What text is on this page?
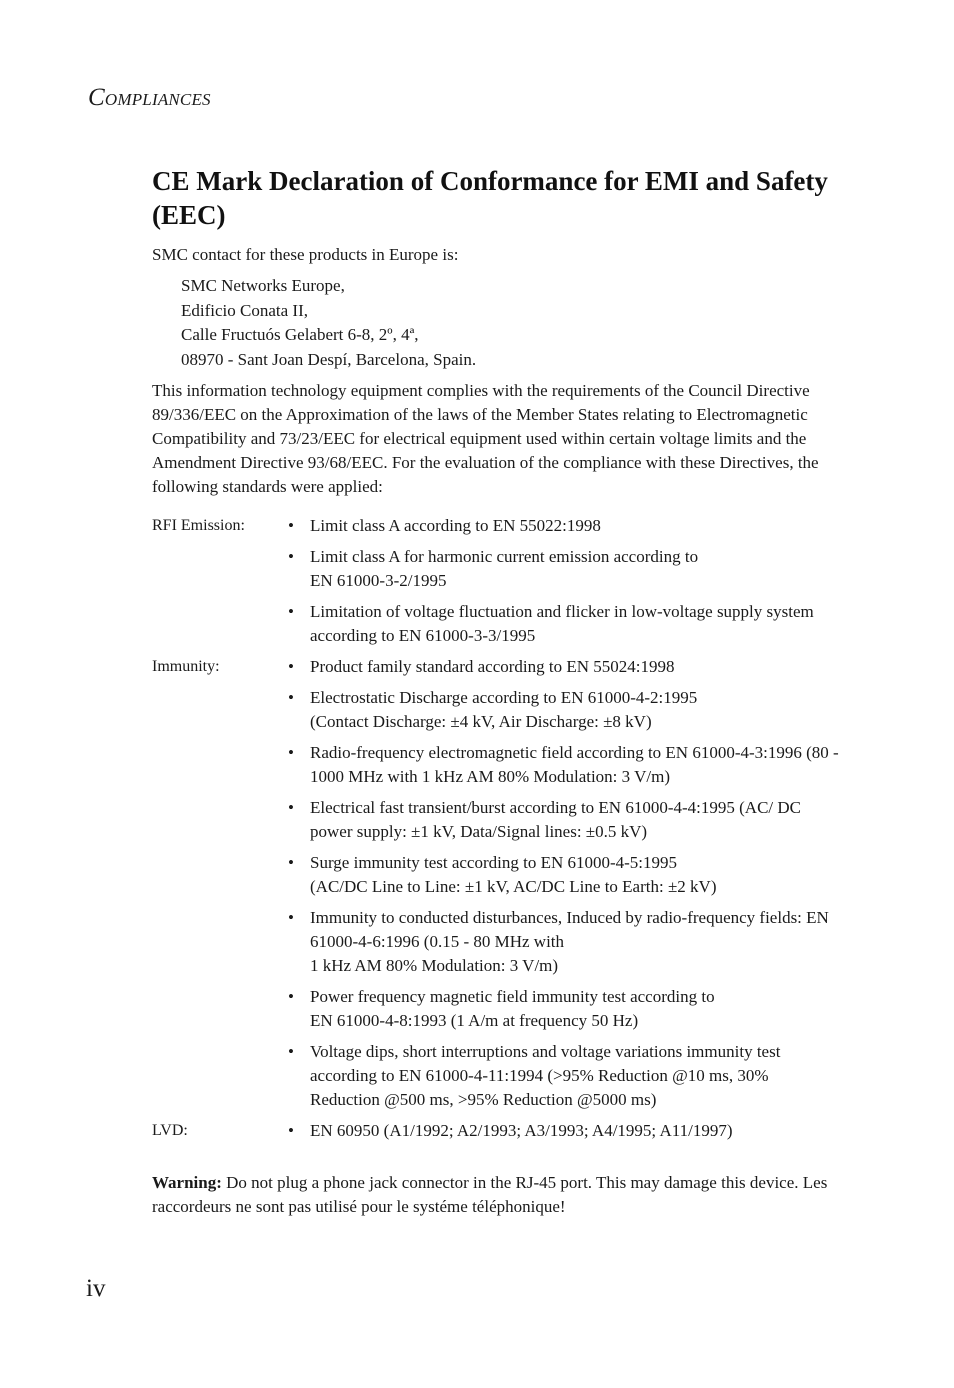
COMPLIANCES
CE Mark Declaration of Conformance for EMI and Safety (EEC)

SMC contact for these products in Europe is:

SMC Networks Europe,
Edificio Conata II,
Calle Fructuós Gelabert 6-8, 2º, 4ª,
08970 - Sant Joan Despí, Barcelona, Spain.

This information technology equipment complies with the requirements of the Council Directive 89/336/EEC on the Approximation of the laws of the Member States relating to Electromagnetic Compatibility and 73/23/EEC for electrical equipment used within certain voltage limits and the Amendment Directive 93/68/EEC. For the evaluation of the compliance with these Directives, the following standards were applied:

RFI Emission:	• Limit class A according to EN 55022:1998
• Limit class A for harmonic current emission according to
EN 61000-3-2/1995
• Limitation of voltage fluctuation and flicker in low-voltage supply system according to EN 61000-3-3/1995
Immunity:	• Product family standard according to EN 55024:1998
• Electrostatic Discharge according to EN 61000-4-2:1995
(Contact Discharge: ±4 kV, Air Discharge: ±8 kV)
• Radio-frequency electromagnetic field according to EN 61000-4-3:1996 (80 - 1000 MHz with 1 kHz AM 80% Modulation: 3 V/m)
• Electrical fast transient/burst according to EN 61000-4-4:1995 (AC/ DC power supply: ±1 kV, Data/Signal lines: ±0.5 kV)
• Surge immunity test according to EN 61000-4-5:1995
(AC/DC Line to Line: ±1 kV, AC/DC Line to Earth: ±2 kV)
• Immunity to conducted disturbances, Induced by radio-frequency fields: EN 61000-4-6:1996 (0.15 - 80 MHz with
1 kHz AM 80% Modulation: 3 V/m)
• Power frequency magnetic field immunity test according to
EN 61000-4-8:1993 (1 A/m at frequency 50 Hz)
• Voltage dips, short interruptions and voltage variations immunity test according to EN 61000-4-11:1994 (>95% Reduction @10 ms, 30% Reduction @500 ms, >95% Reduction @5000 ms)
LVD:	• EN 60950 (A1/1992; A2/1993; A3/1993; A4/1995; A11/1997)

Warning: Do not plug a phone jack connector in the RJ-45 port. This may damage this device. Les raccordeurs ne sont pas utilisé pour le systéme téléphonique!

iv
